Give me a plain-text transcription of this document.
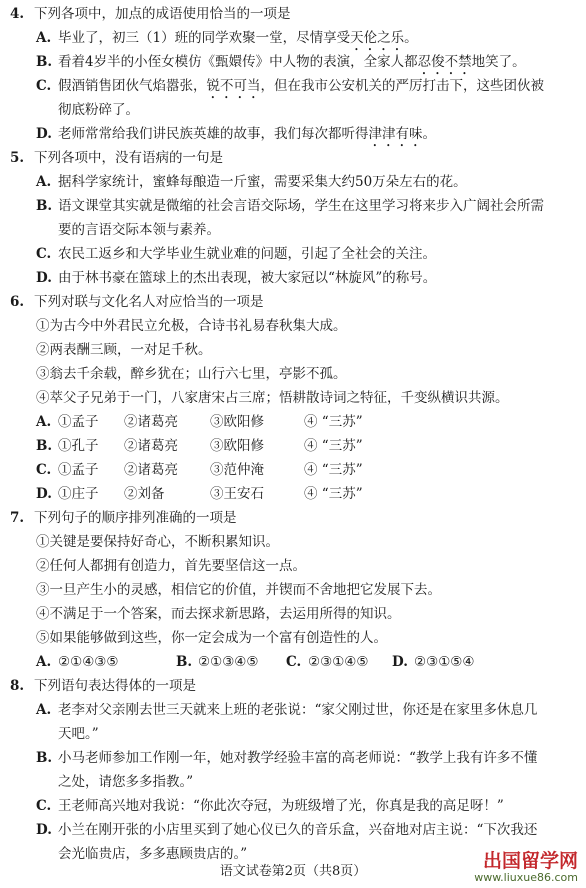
4. 下列各项中，加点的成语使用恰当的一项是
A. 毕业了，初三（1）班的同学欢聚一堂，尽情享受天伦之乐。
B. 看着4岁半的小侄女模仿《甄嬛传》中人物的表演，全家人都忍俊不禁地笑了。
C. 假酒销售团伙气焰嚣张，锐不可当，但在我市公安机关的严厉打击下，这些团伙被
彻底粉碎了。
D. 老师常常给我们讲民族英雄的故事，我们每次都听得津津有味。
5. 下列各项中，没有语病的一句是
A. 据科学家统计，蜜蜂每酿造一斤蜜，需要采集大约50万朵左右的花。
B. 语文课堂其实就是微缩的社会言语交际场，学生在这里学习将来步入广阔社会所需
要的言语交际本领与素养。
C. 农民工返乡和大学毕业生就业难的问题，引起了全社会的关注。
D. 由于林书豪在篮球上的杰出表现，被大家冠以“林旋风”的称号。
6. 下列对联与文化名人对应恰当的一项是
①为古今中外君民立允极，合诗书礼易春秋集大成。
②两表酬三顾，一对足千秋。
③翁去千余载，醉乡犹在；山行六七里，亭影不孤。
④萃父子兄弟于一门，八家唐宋占三席；悟耕散诗词之特征，千变纵横识共源。
A. ①孟子 ②诸葛亮 ③欧阳修	④ “三苏”
B. ①孔子 ②诸葛亮 ③欧阳修	④ “三苏”
C. ①孟子 ②诸葛亮 ③范仲淹	④ “三苏”
D. ①庄子 ②刘备	③王安石	④ “三苏”
7. 下列句子的顺序排列准确的一项是
①关键是要保持好奇心，不断积累知识。
②任何人都拥有创造力，首先要坚信这一点。
③一旦产生小的灵感，相信它的价值，并锲而不舍地把它发展下去。
④不满足于一个答案，而去探求新思路，去运用所得的知识。
⑤如果能够做到这些，你一定会成为一个富有创造性的人。
A. ②①④③⑤	B. ②①③④⑤ C. ②③①④⑤ D. ②③①⑤④
8. 下列语句表达得体的一项是
A. 老李对父亲刚去世三天就来上班的老张说：“家父刚过世，你还是在家里多休息几
天吧。”
B. 小马老师参加工作刚一年，她对教学经验丰富的高老师说：“教学上我有许多不懂
之处，请您多多指教。”
C. 王老师高兴地对我说：“你此次夺冠，为班级增了光，你真是我的高足呀！”
D. 小兰在刚开张的小店里买到了她心仪已久的音乐盒，兴奋地对店主说：“下次我还
会光临贵店，多多惠顾贵店的。”
语文试卷第2页（共8页）	出国留学网
www.liuxue86.com
